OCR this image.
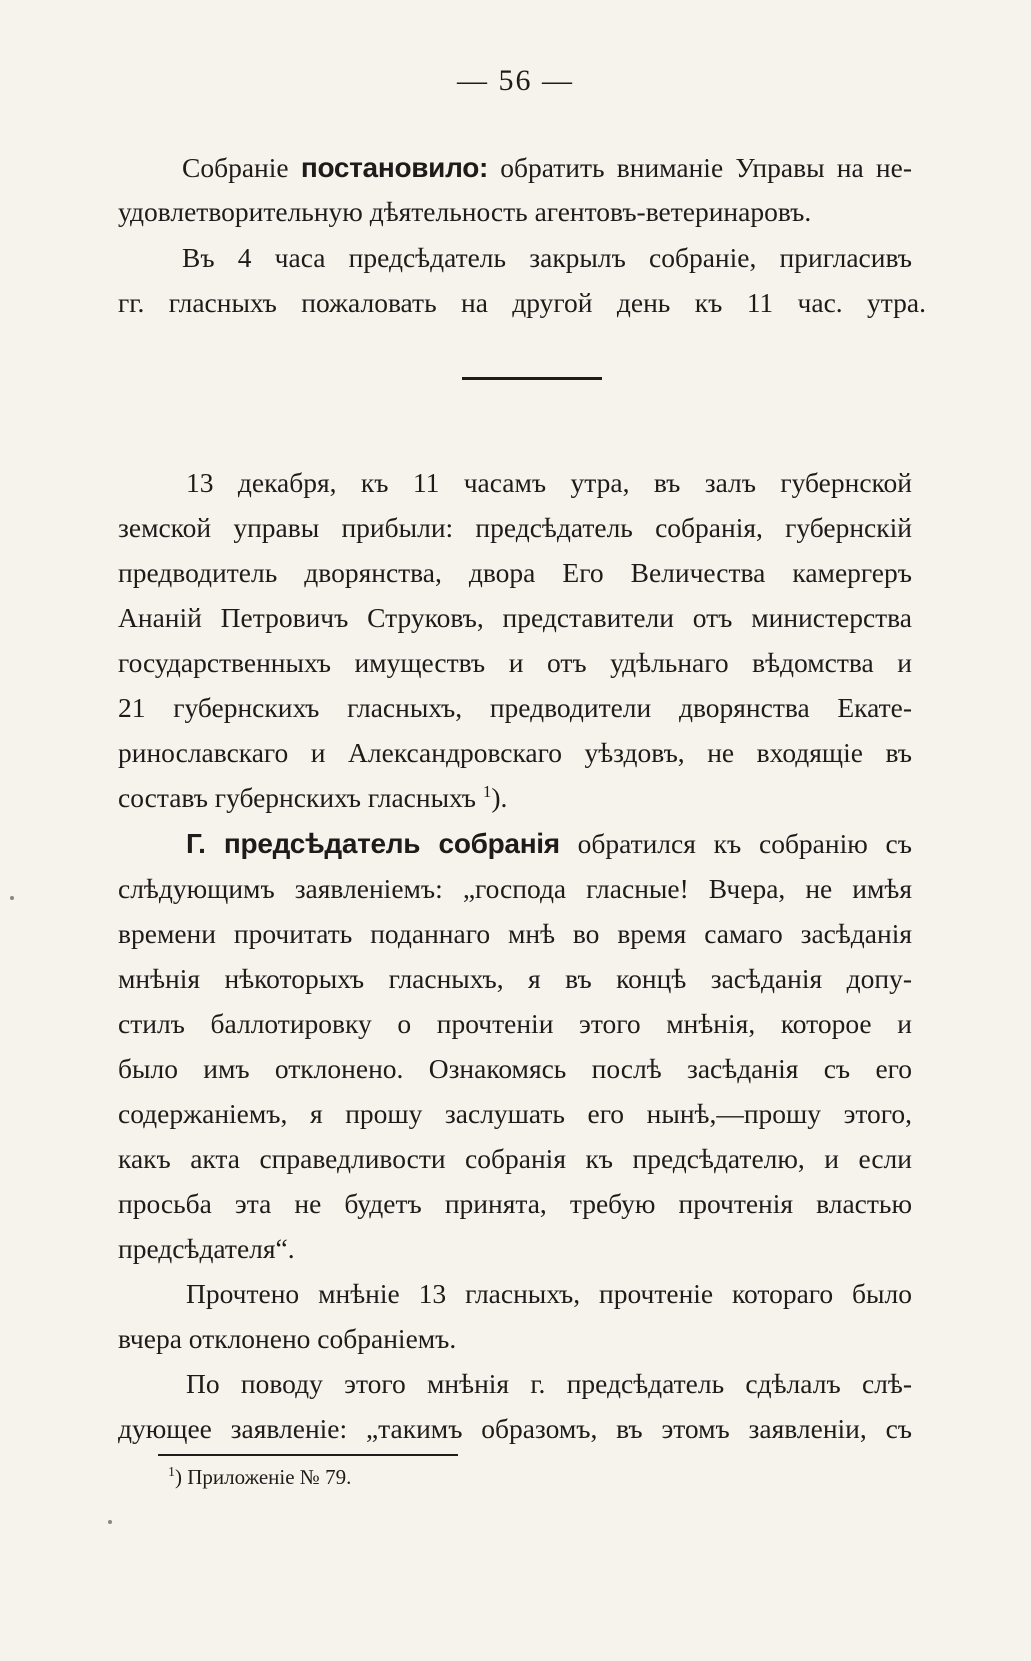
— 56 —
Собраніе постановило: обратить вниманіе Управы на не-
удовлетворительную дѣятельность агентовъ-ветеринаровъ.
Въ 4 часа предсѣдатель закрылъ собраніе, пригласивъ
гг. гласныхъ пожаловать на другой день къ 11 час. утра.
13 декабря, къ 11 часамъ утра, въ залъ губернской
земской управы прибыли: предсѣдатель собранія, губернскій
предводитель дворянства, двора Его Величества камергеръ
Ананій Петровичъ Струковъ, представители отъ министерства
государственныхъ имуществъ и отъ удѣльнаго вѣдомства и
21 губернскихъ гласныхъ, предводители дворянства Екате-
ринославскаго и Александровскаго уѣздовъ, не входящіе въ
составъ губернскихъ гласныхъ $^1$).
Г. предсѣдатель собранія обратился къ собранію съ
слѣдующимъ заявленіемъ: „господа гласные! Вчера, не имѣя
времени прочитать поданнаго мнѣ во время самаго засѣданія
мнѣнія нѣкоторыхъ гласныхъ, я въ концѣ засѣданія допу-
стилъ баллотировку о прочтеніи этого мнѣнія, которое и
было имъ отклонено. Ознакомясь послѣ засѣданія съ его
содержаніемъ, я прошу заслушать его нынѣ,—прошу этого,
какъ акта справедливости собранія къ предсѣдателю, и если
просьба эта не будетъ принята, требую прочтенія властью
предсѣдателя“.
Прочтено мнѣніе 13 гласныхъ, прочтеніе котораго было
вчера отклонено собраніемъ.
По поводу этого мнѣнія г. предсѣдатель сдѣлалъ слѣ-
дующее заявленіе: „такимъ образомъ, въ этомъ заявленіи, съ
$^1$) Приложеніе № 79.
